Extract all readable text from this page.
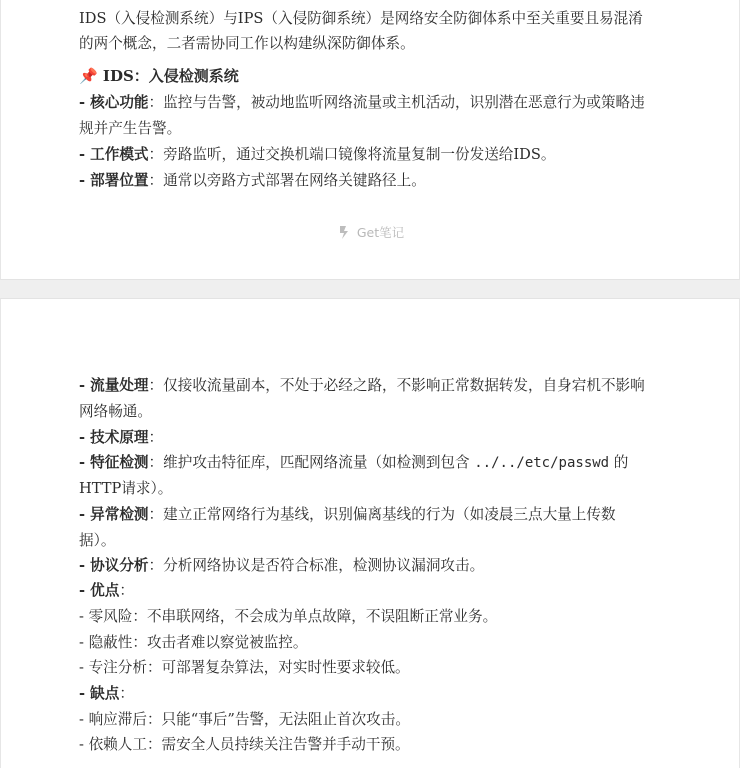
IDS（入侵检测系统）与IPS（入侵防御系统）是网络安全防御体系中至关重要且易混淆
的两个概念，二者需协同工作以构建纵深防御体系。
📌 IDS：入侵检测系统
- 核心功能：监控与告警，被动地监听网络流量或主机活动，识别潜在恶意行为或策略违
规并产生告警。
- 工作模式：旁路监听，通过交换机端口镜像将流量复制一份发送给IDS。
- 部署位置：通常以旁路方式部署在网络关键路径上。
Get笔记
- 流量处理：仅接收流量副本，不处于必经之路，不影响正常数据转发，自身宕机不影响
网络畅通。
- 技术原理：
- 特征检测：维护攻击特征库，匹配网络流量（如检测到包含 ../../etc/passwd 的
HTTP请求）。
- 异常检测：建立正常网络行为基线，识别偏离基线的行为（如凌晨三点大量上传数
据）。
- 协议分析：分析网络协议是否符合标准，检测协议漏洞攻击。
- 优点：
- 零风险：不串联网络，不会成为单点故障，不误阻断正常业务。
- 隐蔽性：攻击者难以察觉被监控。
- 专注分析：可部署复杂算法，对实时性要求较低。
- 缺点：
- 响应滞后：只能“事后”告警，无法阻止首次攻击。
- 依赖人工：需安全人员持续关注告警并手动干预。
